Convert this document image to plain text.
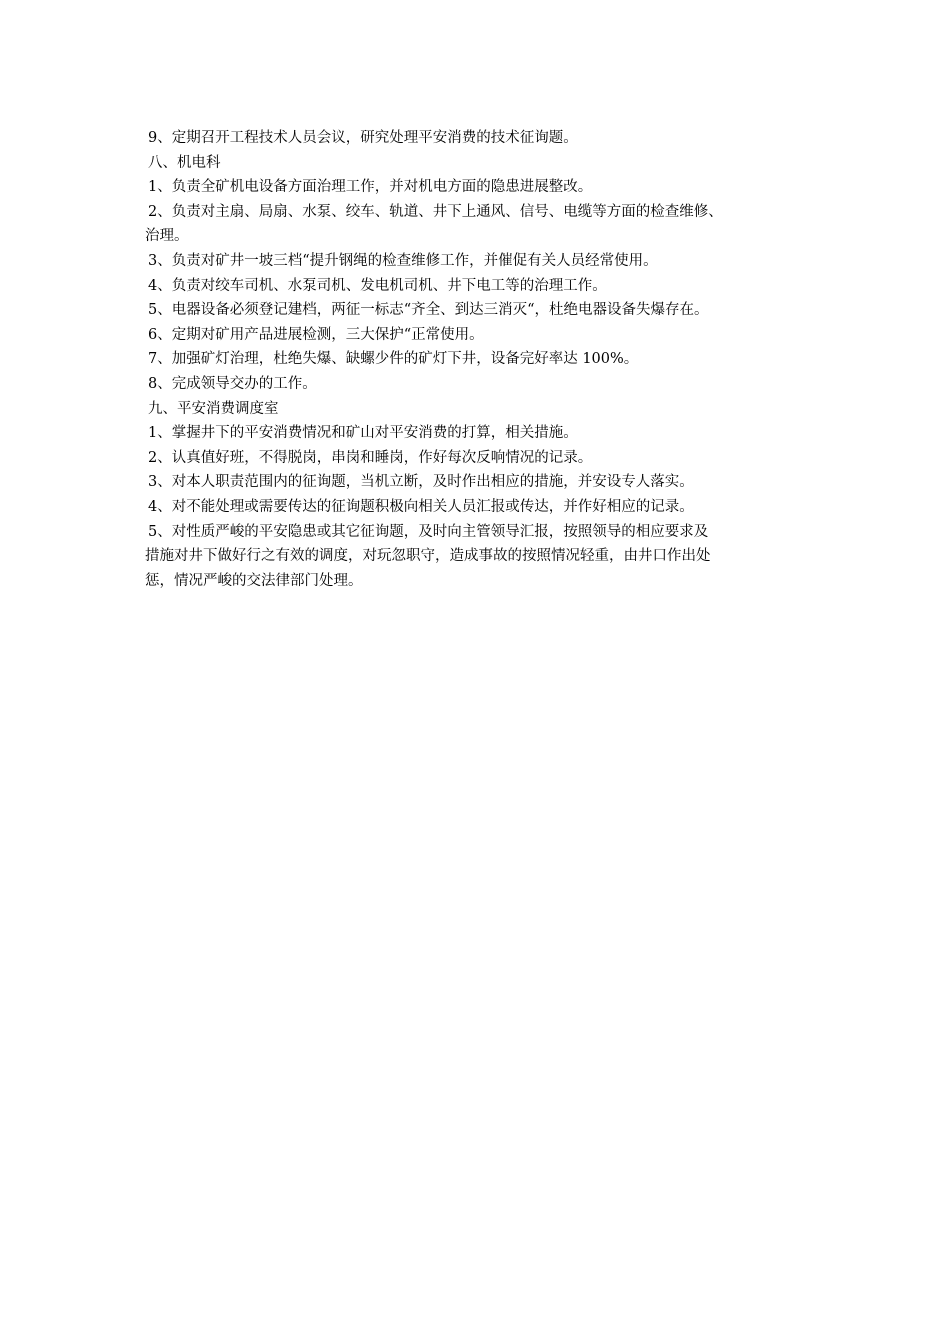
9、定期召开工程技术人员会议，研究处理平安消费的技术征询题。

八、机电科

1、负责全矿机电设备方面治理工作，并对机电方面的隐患进展整改。

2、负责对主扇、局扇、水泵、绞车、轨道、井下上通风、信号、电缆等方面的检查维修、

治理。

3、负责对矿井一坡三档“提升钢绳的检查维修工作，并催促有关人员经常使用。

4、负责对绞车司机、水泵司机、发电机司机、井下电工等的治理工作。

5、电器设备必须登记建档，两征一标志“齐全、到达三消灭“，杜绝电器设备失爆存在。

6、定期对矿用产品进展检测，三大保护“正常使用。

7、加强矿灯治理，杜绝失爆、缺螺少件的矿灯下井，设备完好率达 100%。

8、完成领导交办的工作。

九、平安消费调度室

1、掌握井下的平安消费情况和矿山对平安消费的打算，相关措施。

2、认真值好班，不得脱岗，串岗和睡岗，作好每次反响情况的记录。

3、对本人职责范围内的征询题，当机立断，及时作出相应的措施，并安设专人落实。

4、对不能处理或需要传达的征询题积极向相关人员汇报或传达，并作好相应的记录。

5、对性质严峻的平安隐患或其它征询题，及时向主管领导汇报，按照领导的相应要求及

措施对井下做好行之有效的调度，对玩忽职守，造成事故的按照情况轻重，由井口作出处

惩，情况严峻的交法律部门处理。
